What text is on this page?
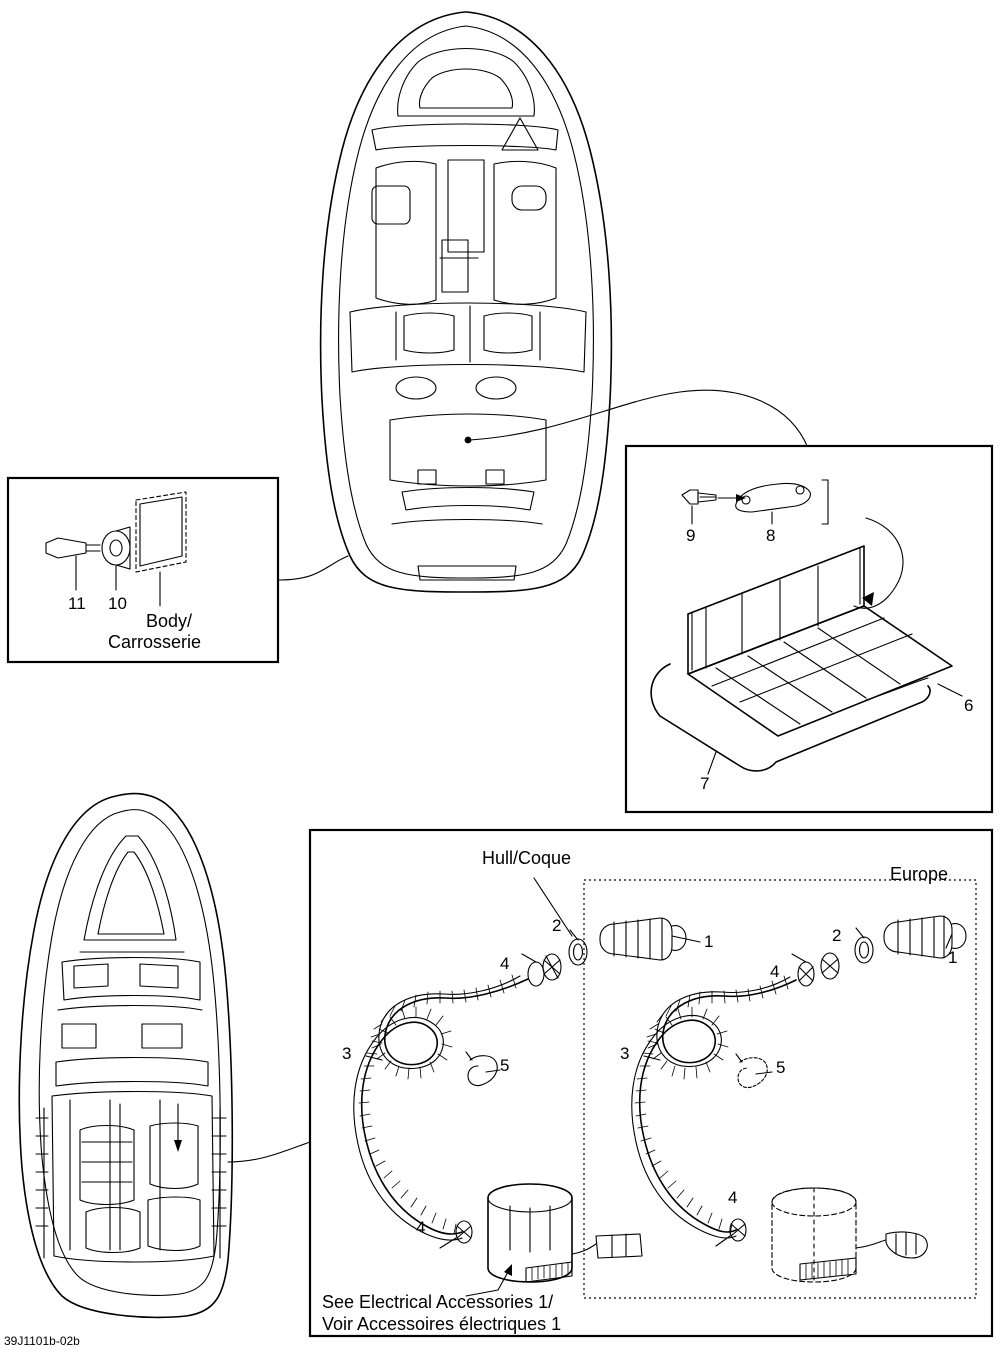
11 10
Body/
Carrosserie
9	8
6
7
Hull/Coque
Europe
1
2
3
4
4
5
1
2
3
4
4
5
See Electrical Accessories 1/
Voir Accessoires électriques 1
39J1101b-02b
